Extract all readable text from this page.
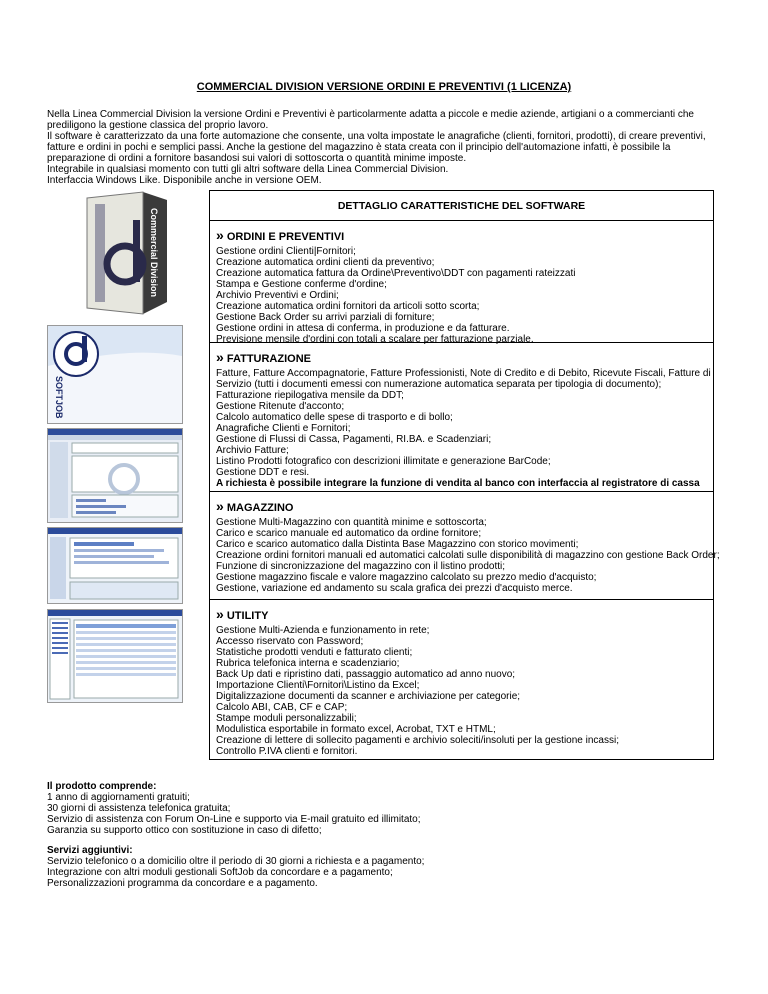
COMMERCIAL DIVISION VERSIONE ORDINI E PREVENTIVI (1 LICENZA)
Nella Linea Commercial Division la versione Ordini e Preventivi è particolarmente adatta a piccole e medie aziende, artigiani o a commercianti che
prediligono la gestione classica del proprio lavoro.
Il software è caratterizzato da una forte automazione che consente, una volta impostate le anagrafiche (clienti, fornitori, prodotti), di creare preventivi,
fatture e ordini in pochi e semplici passi. Anche la gestione del magazzino è stata creata con il principio dell'automazione infatti, è possibile la
preparazione di ordini a fornitore basandosi sui valori di sottoscorta o quantità minime imposte.
Integrabile in qualsiasi momento con tutti gli altri software della Linea Commercial Division.
Interfaccia Windows Like. Disponibile anche in versione OEM.
Commercial Division
SOFTJOB
DETTAGLIO CARATTERISTICHE DEL SOFTWARE
» ORDINI E PREVENTIVI
Gestione ordini Clienti|Fornitori;
Creazione automatica ordini clienti da preventivo;
Creazione automatica fattura da Ordine\Preventivo\DDT con pagamenti rateizzati
Stampa e Gestione conferme d'ordine;
Archivio Preventivi e Ordini;
Creazione automatica ordini fornitori da articoli sotto scorta;
Gestione Back Order su arrivi parziali di forniture;
Gestione ordini in attesa di conferma, in produzione e da fatturare.
Previsione mensile d'ordini con totali a scalare per fatturazione parziale.
» FATTURAZIONE
Fatture, Fatture Accompagnatorie, Fatture Professionisti, Note di Credito e di Debito, Ricevute Fiscali, Fatture di
Servizio (tutti i documenti emessi con numerazione automatica separata per tipologia di documento);
Fatturazione riepilogativa mensile da DDT;
Gestione Ritenute d'acconto;
Calcolo automatico delle spese di trasporto e di bollo;
Anagrafiche Clienti e Fornitori;
Gestione di Flussi di Cassa, Pagamenti, RI.BA. e Scadenziari;
Archivio Fatture;
Listino Prodotti fotografico con descrizioni illimitate e generazione BarCode;
Gestione DDT e resi.
A richiesta è possibile integrare la funzione di vendita al banco con interfaccia al registratore di cassa
» MAGAZZINO
Gestione Multi-Magazzino con quantità minime e sottoscorta;
Carico e scarico manuale ed automatico da ordine fornitore;
Carico e scarico automatico dalla Distinta Base Magazzino con storico movimenti;
Creazione ordini fornitori manuali ed automatici calcolati sulle disponibilità di magazzino con gestione Back Order;
Funzione di sincronizzazione del magazzino con il listino prodotti;
Gestione magazzino fiscale e valore magazzino calcolato su prezzo medio d'acquisto;
Gestione, variazione ed andamento su scala grafica dei prezzi d'acquisto merce.
» UTILITY
Gestione Multi-Azienda e funzionamento in rete;
Accesso riservato con Password;
Statistiche prodotti venduti e fatturato clienti;
Rubrica telefonica interna e scadenziario;
Back Up dati e ripristino dati, passaggio automatico ad anno nuovo;
Importazione Clienti\Fornitori\Listino da Excel;
Digitalizzazione documenti da scanner e archiviazione per categorie;
Calcolo ABI, CAB, CF e CAP;
Stampe moduli personalizzabili;
Modulistica esportabile in formato excel, Acrobat, TXT e HTML;
Creazione di lettere di sollecito pagamenti e archivio soleciti/insoluti per la gestione incassi;
Controllo P.IVA clienti e fornitori.
Il prodotto comprende:
1 anno di aggiornamenti gratuiti;
30 giorni di assistenza telefonica gratuita;
Servizio di assistenza con Forum On-Line e supporto via E-mail gratuito ed illimitato;
Garanzia su supporto ottico con sostituzione in caso di difetto;
Servizi aggiuntivi:
Servizio telefonico o a domicilio oltre il periodo di 30 giorni a richiesta e a pagamento;
Integrazione con altri moduli gestionali SoftJob da concordare e a pagamento;
Personalizzazioni programma da concordare e a pagamento.
